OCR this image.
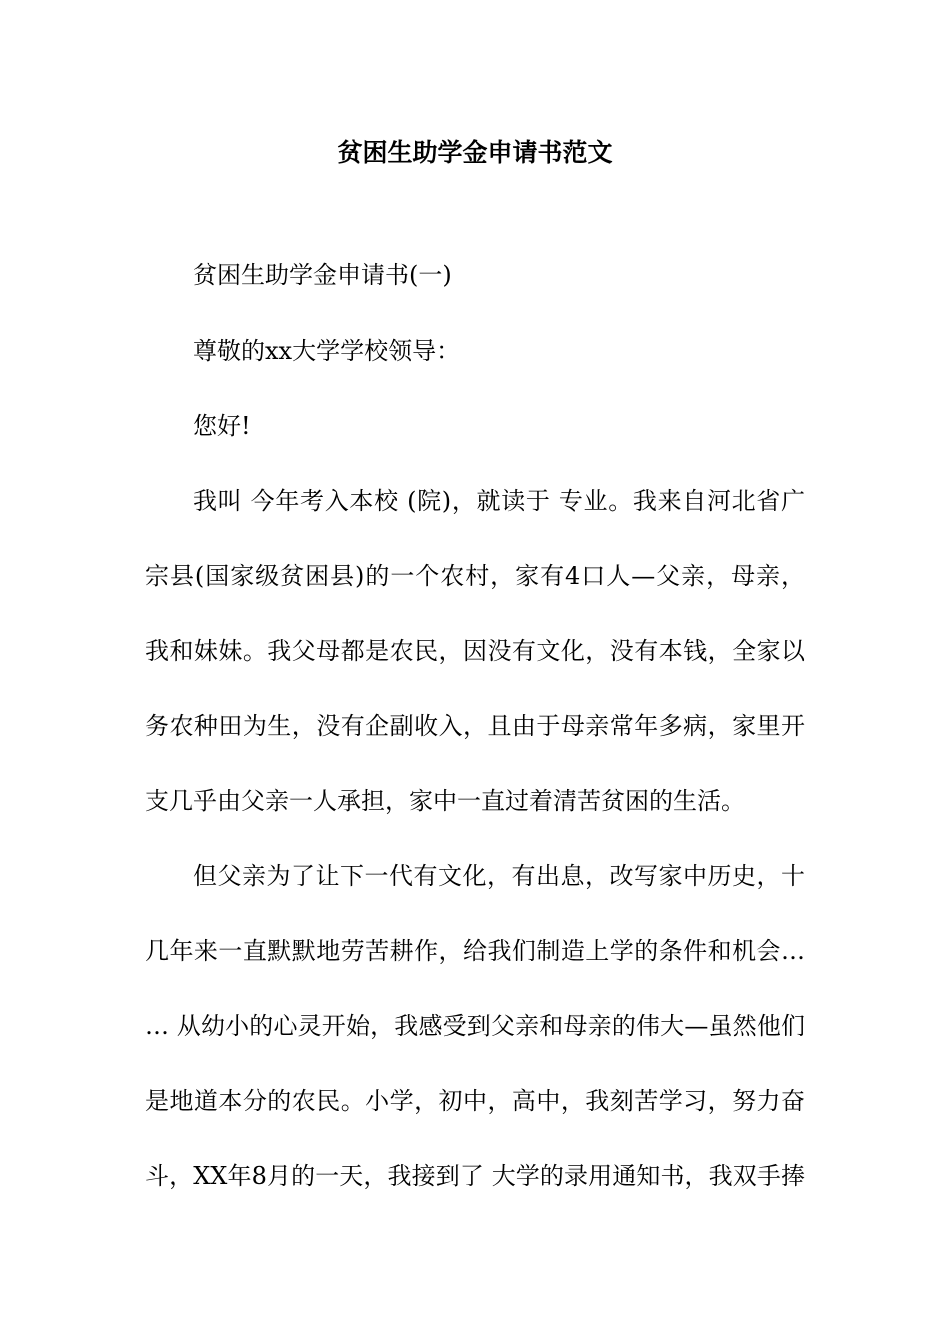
贫困生助学金申请书范文
贫困生助学金申请书(一)
尊敬的xx大学学校领导：
您好!
我叫 今年考入本校 (院)，就读于 专业。我来自河北省广
宗县(国家级贫困县)的一个农村，家有4口人—父亲，母亲，
我和妹妹。我父母都是农民，因没有文化，没有本钱，全家以
务农种田为生，没有企副收入，且由于母亲常年多病，家里开
支几乎由父亲一人承担，家中一直过着清苦贫困的生活。
但父亲为了让下一代有文化，有出息，改写家中历史，十
几年来一直默默地劳苦耕作，给我们制造上学的条件和机会…
… 从幼小的心灵开始，我感受到父亲和母亲的伟大—虽然他们
是地道本分的农民。小学，初中，高中，我刻苦学习，努力奋
斗，XX年8月的一天，我接到了 大学的录用通知书，我双手捧
